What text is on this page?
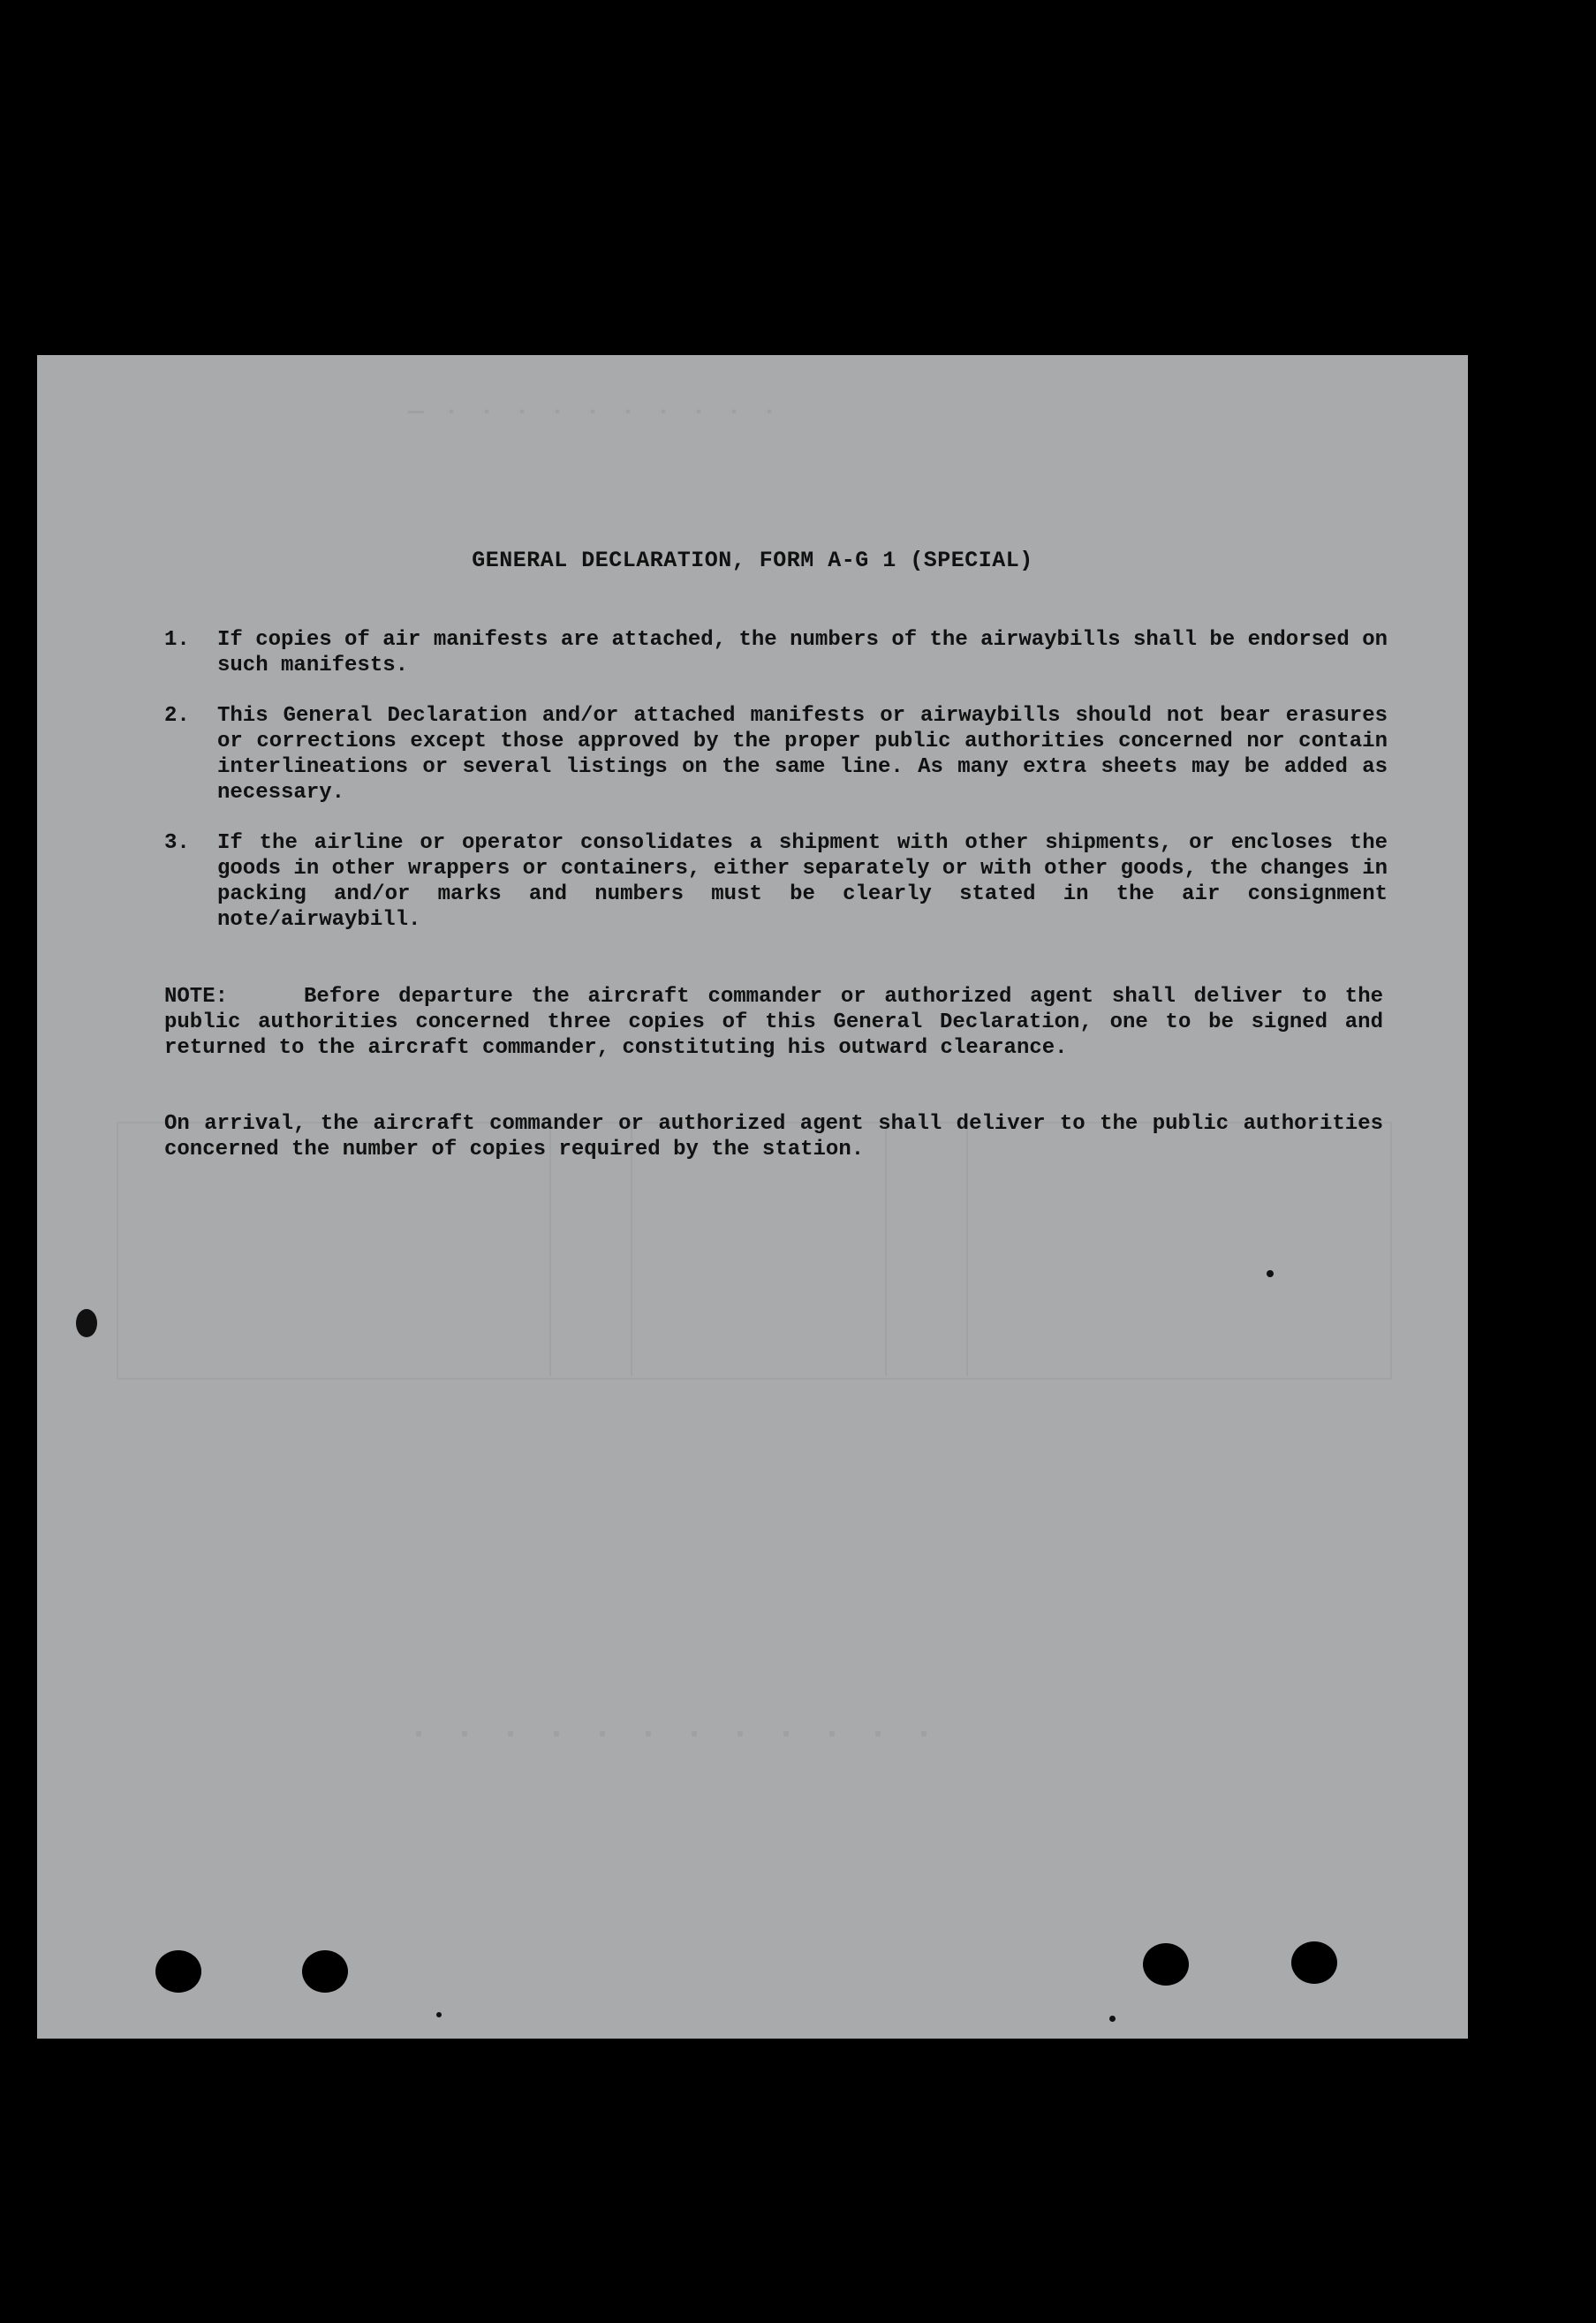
— · · · · · · · · · ·
· · · · · · · · · · · ·
GENERAL DECLARATION, FORM A-G 1 (SPECIAL)
1.	If copies of air manifests are attached, the numbers of the airwaybills shall be endorsed on such manifests.
2.	This General Declaration and/or attached manifests or airwaybills should not bear erasures or corrections except those approved by the proper public authorities concerned nor contain interlineations or several listings on the same line. As many extra sheets may be added as necessary.
3.	If the airline or operator consolidates a shipment with other shipments, or encloses the goods in other wrappers or containers, either separately or with other goods, the changes in packing and/or marks and numbers must be clearly stated in the air consignment note/airwaybill.
NOTE:	Before departure the aircraft commander or authorized agent shall deliver to the public authorities concerned three copies of this General Declaration, one to be signed and returned to the aircraft commander, constituting his outward clearance.
On arrival, the aircraft commander or authorized agent shall deliver to the public authorities concerned the number of copies required by the station.
